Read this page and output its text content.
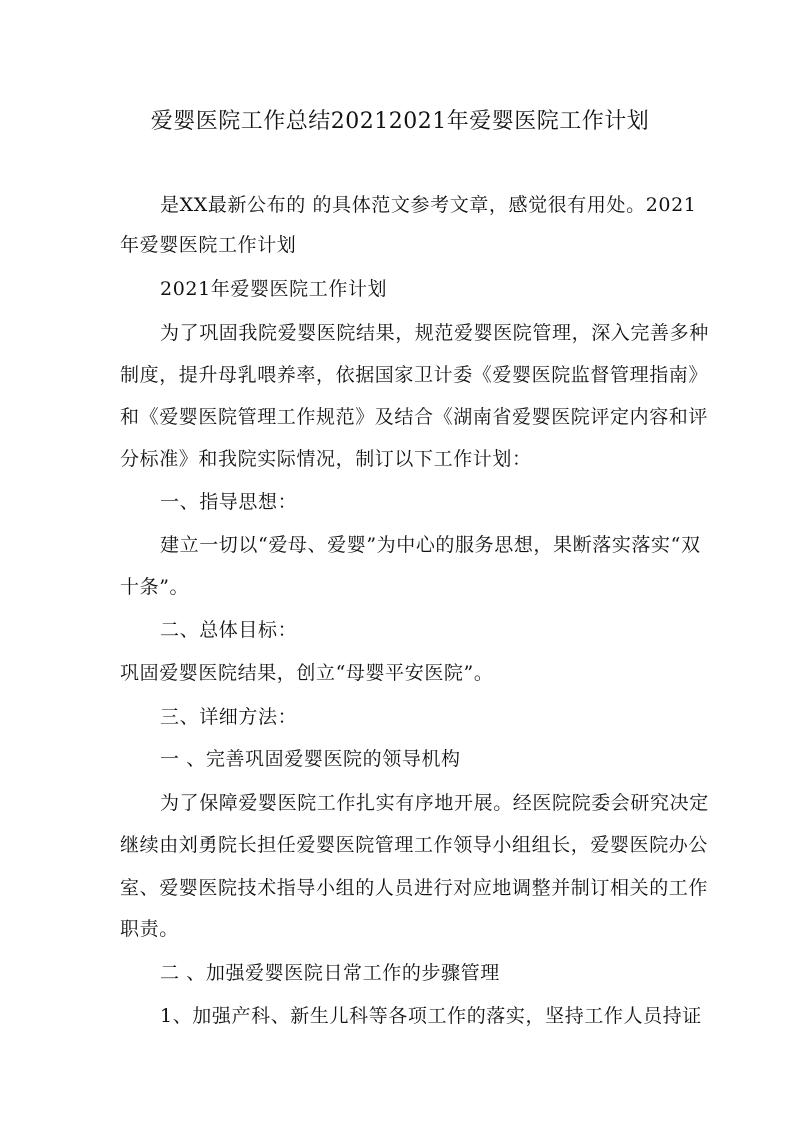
爱婴医院工作总结20212021年爱婴医院工作计划
是XX最新公布的 的具体范文参考文章，感觉很有用处。2021
年爱婴医院工作计划
2021年爱婴医院工作计划
为了巩固我院爱婴医院结果，规范爱婴医院管理，深入完善多种
制度，提升母乳喂养率，依据国家卫计委《爱婴医院监督管理指南》
和《爱婴医院管理工作规范》及结合《湖南省爱婴医院评定内容和评
分标准》和我院实际情况，制订以下工作计划：
一、指导思想：
建立一切以“爱母、爱婴”为中心的服务思想，果断落实落实“双
十条”。
二、总体目标：
巩固爱婴医院结果，创立“母婴平安医院”。
三、详细方法：
一 、完善巩固爱婴医院的领导机构
为了保障爱婴医院工作扎实有序地开展。经医院院委会研究决定
继续由刘勇院长担任爱婴医院管理工作领导小组组长，爱婴医院办公
室、爱婴医院技术指导小组的人员进行对应地调整并制订相关的工作
职责。
二 、加强爱婴医院日常工作的步骤管理
1、加强产科、新生儿科等各项工作的落实，坚持工作人员持证
